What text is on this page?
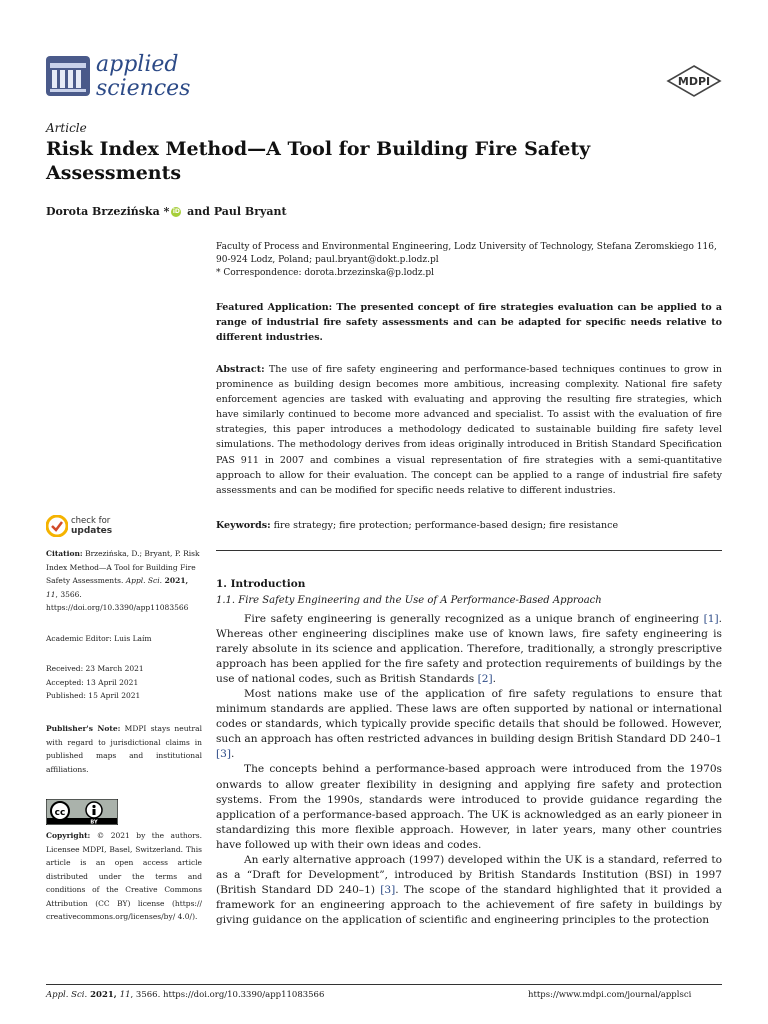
applied
sciences	MDPI
Article
Risk Index Method—A Tool for Building Fire Safety Assessments
Dorota Brzezińska * iD and Paul Bryant
Faculty of Process and Environmental Engineering, Lodz University of Technology, Stefana Zeromskiego 116,
90-924 Lodz, Poland; paul.bryant@dokt.p.lodz.pl
* Correspondence: dorota.brzezinska@p.lodz.pl
Featured Application: The presented concept of fire strategies evaluation can be applied to a range of industrial fire safety assessments and can be adapted for specific needs relative to different industries.
Abstract: The use of fire safety engineering and performance-based techniques continues to grow in prominence as building design becomes more ambitious, increasing complexity. National fire safety enforcement agencies are tasked with evaluating and approving the resulting fire strategies, which have similarly continued to become more advanced and specialist. To assist with the evaluation of fire strategies, this paper introduces a methodology dedicated to sustainable building fire safety level simulations. The methodology derives from ideas originally introduced in British Standard Specification PAS 911 in 2007 and combines a visual representation of fire strategies with a semi-quantitative approach to allow for their evaluation. The concept can be applied to a range of industrial fire safety assessments and can be modified for specific needs relative to different industries.
Keywords: fire strategy; fire protection; performance-based design; fire resistance
check for
updates
Citation: Brzezińska, D.; Bryant, P. Risk Index Method—A Tool for Building Fire Safety Assessments. Appl. Sci. 2021, 11, 3566. https://doi.org/10.3390/app11083566
Academic Editor: Luis Laím
Received: 23 March 2021
Accepted: 13 April 2021
Published: 15 April 2021
Publisher's Note: MDPI stays neutral with regard to jurisdictional claims in published maps and institutional affiliations.
cc
BY
Copyright: © 2021 by the authors. Licensee MDPI, Basel, Switzerland. This article is an open access article distributed under the terms and conditions of the Creative Commons Attribution (CC BY) license (https:// creativecommons.org/licenses/by/ 4.0/).
1. Introduction
1.1. Fire Safety Engineering and the Use of A Performance-Based Approach

Fire safety engineering is generally recognized as a unique branch of engineering [1]. Whereas other engineering disciplines make use of known laws, fire safety engineering is rarely absolute in its science and application. Therefore, traditionally, a strongly prescriptive approach has been applied for the fire safety and protection requirements of buildings by the use of national codes, such as British Standards [2].

Most nations make use of the application of fire safety regulations to ensure that minimum standards are applied. These laws are often supported by national or international codes or standards, which typically provide specific details that should be followed. However, such an approach has often restricted advances in building design British Standard DD 240–1 [3].

The concepts behind a performance-based approach were introduced from the 1970s onwards to allow greater flexibility in designing and applying fire safety and protection systems. From the 1990s, standards were introduced to provide guidance regarding the application of a performance-based approach. The UK is acknowledged as an early pioneer in standardizing this more flexible approach. However, in later years, many other countries have followed up with their own ideas and codes.

An early alternative approach (1997) developed within the UK is a standard, referred to as a “Draft for Development”, introduced by British Standards Institution (BSI) in 1997 (British Standard DD 240–1) [3]. The scope of the standard highlighted that it provided a framework for an engineering approach to the achievement of fire safety in buildings by giving guidance on the application of scientific and engineering principles to the protection

Appl. Sci. 2021, 11, 3566. https://doi.org/10.3390/app11083566	https://www.mdpi.com/journal/applsci
